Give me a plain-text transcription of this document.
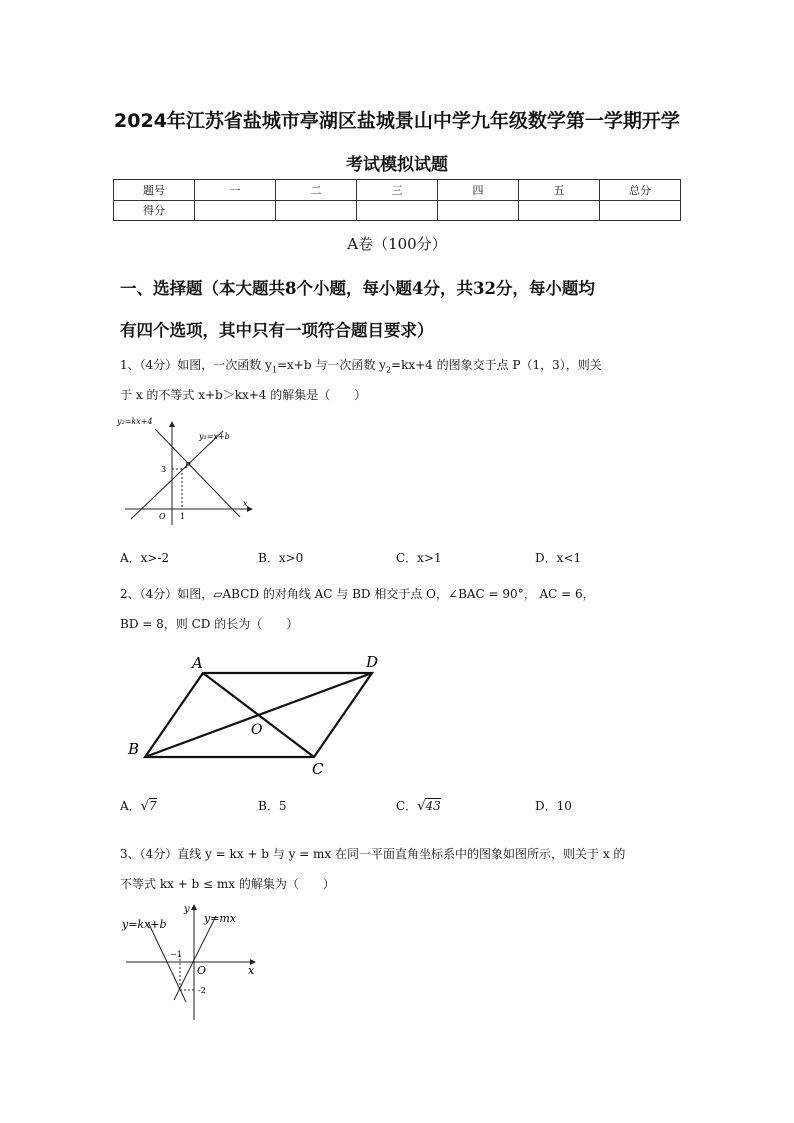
2024年江苏省盐城市亭湖区盐城景山中学九年级数学第一学期开学
考试模拟试题
题号	一	二	三	四	五	总分
得分						
A卷（100分）
一、选择题（本大题共8个小题，每小题4分，共32分，每小题均
有四个选项，其中只有一项符合题目要求）
1、（4分）如图，一次函数 $y_1=x+b$ 与一次函数 $y_2=kx+4$ 的图象交于点 P（1，3），则关
于 x 的不等式 x+b＞kx+4 的解集是（　　）
y₂=kx+4
y₁=x+b
3 P
O 1
x
A．x>-2	B．x>0	C．x>1	D．x<1
2、（4分）如图，▱ABCD 的对角线 AC 与 BD 相交于点 O，∠BAC = 90°， AC = 6，
BD = 8，则 CD 的长为（　　）
A	D
B
C
O
A．√7	B．5	C．√43	D．10
3、（4分）直线 y = kx + b 与 y = mx 在同一平面直角坐标系中的图象如图所示，则关于 x 的
不等式 kx + b ≤ mx 的解集为（　　）
y=kx+b	y=mx
y
x
O
−1
-2
